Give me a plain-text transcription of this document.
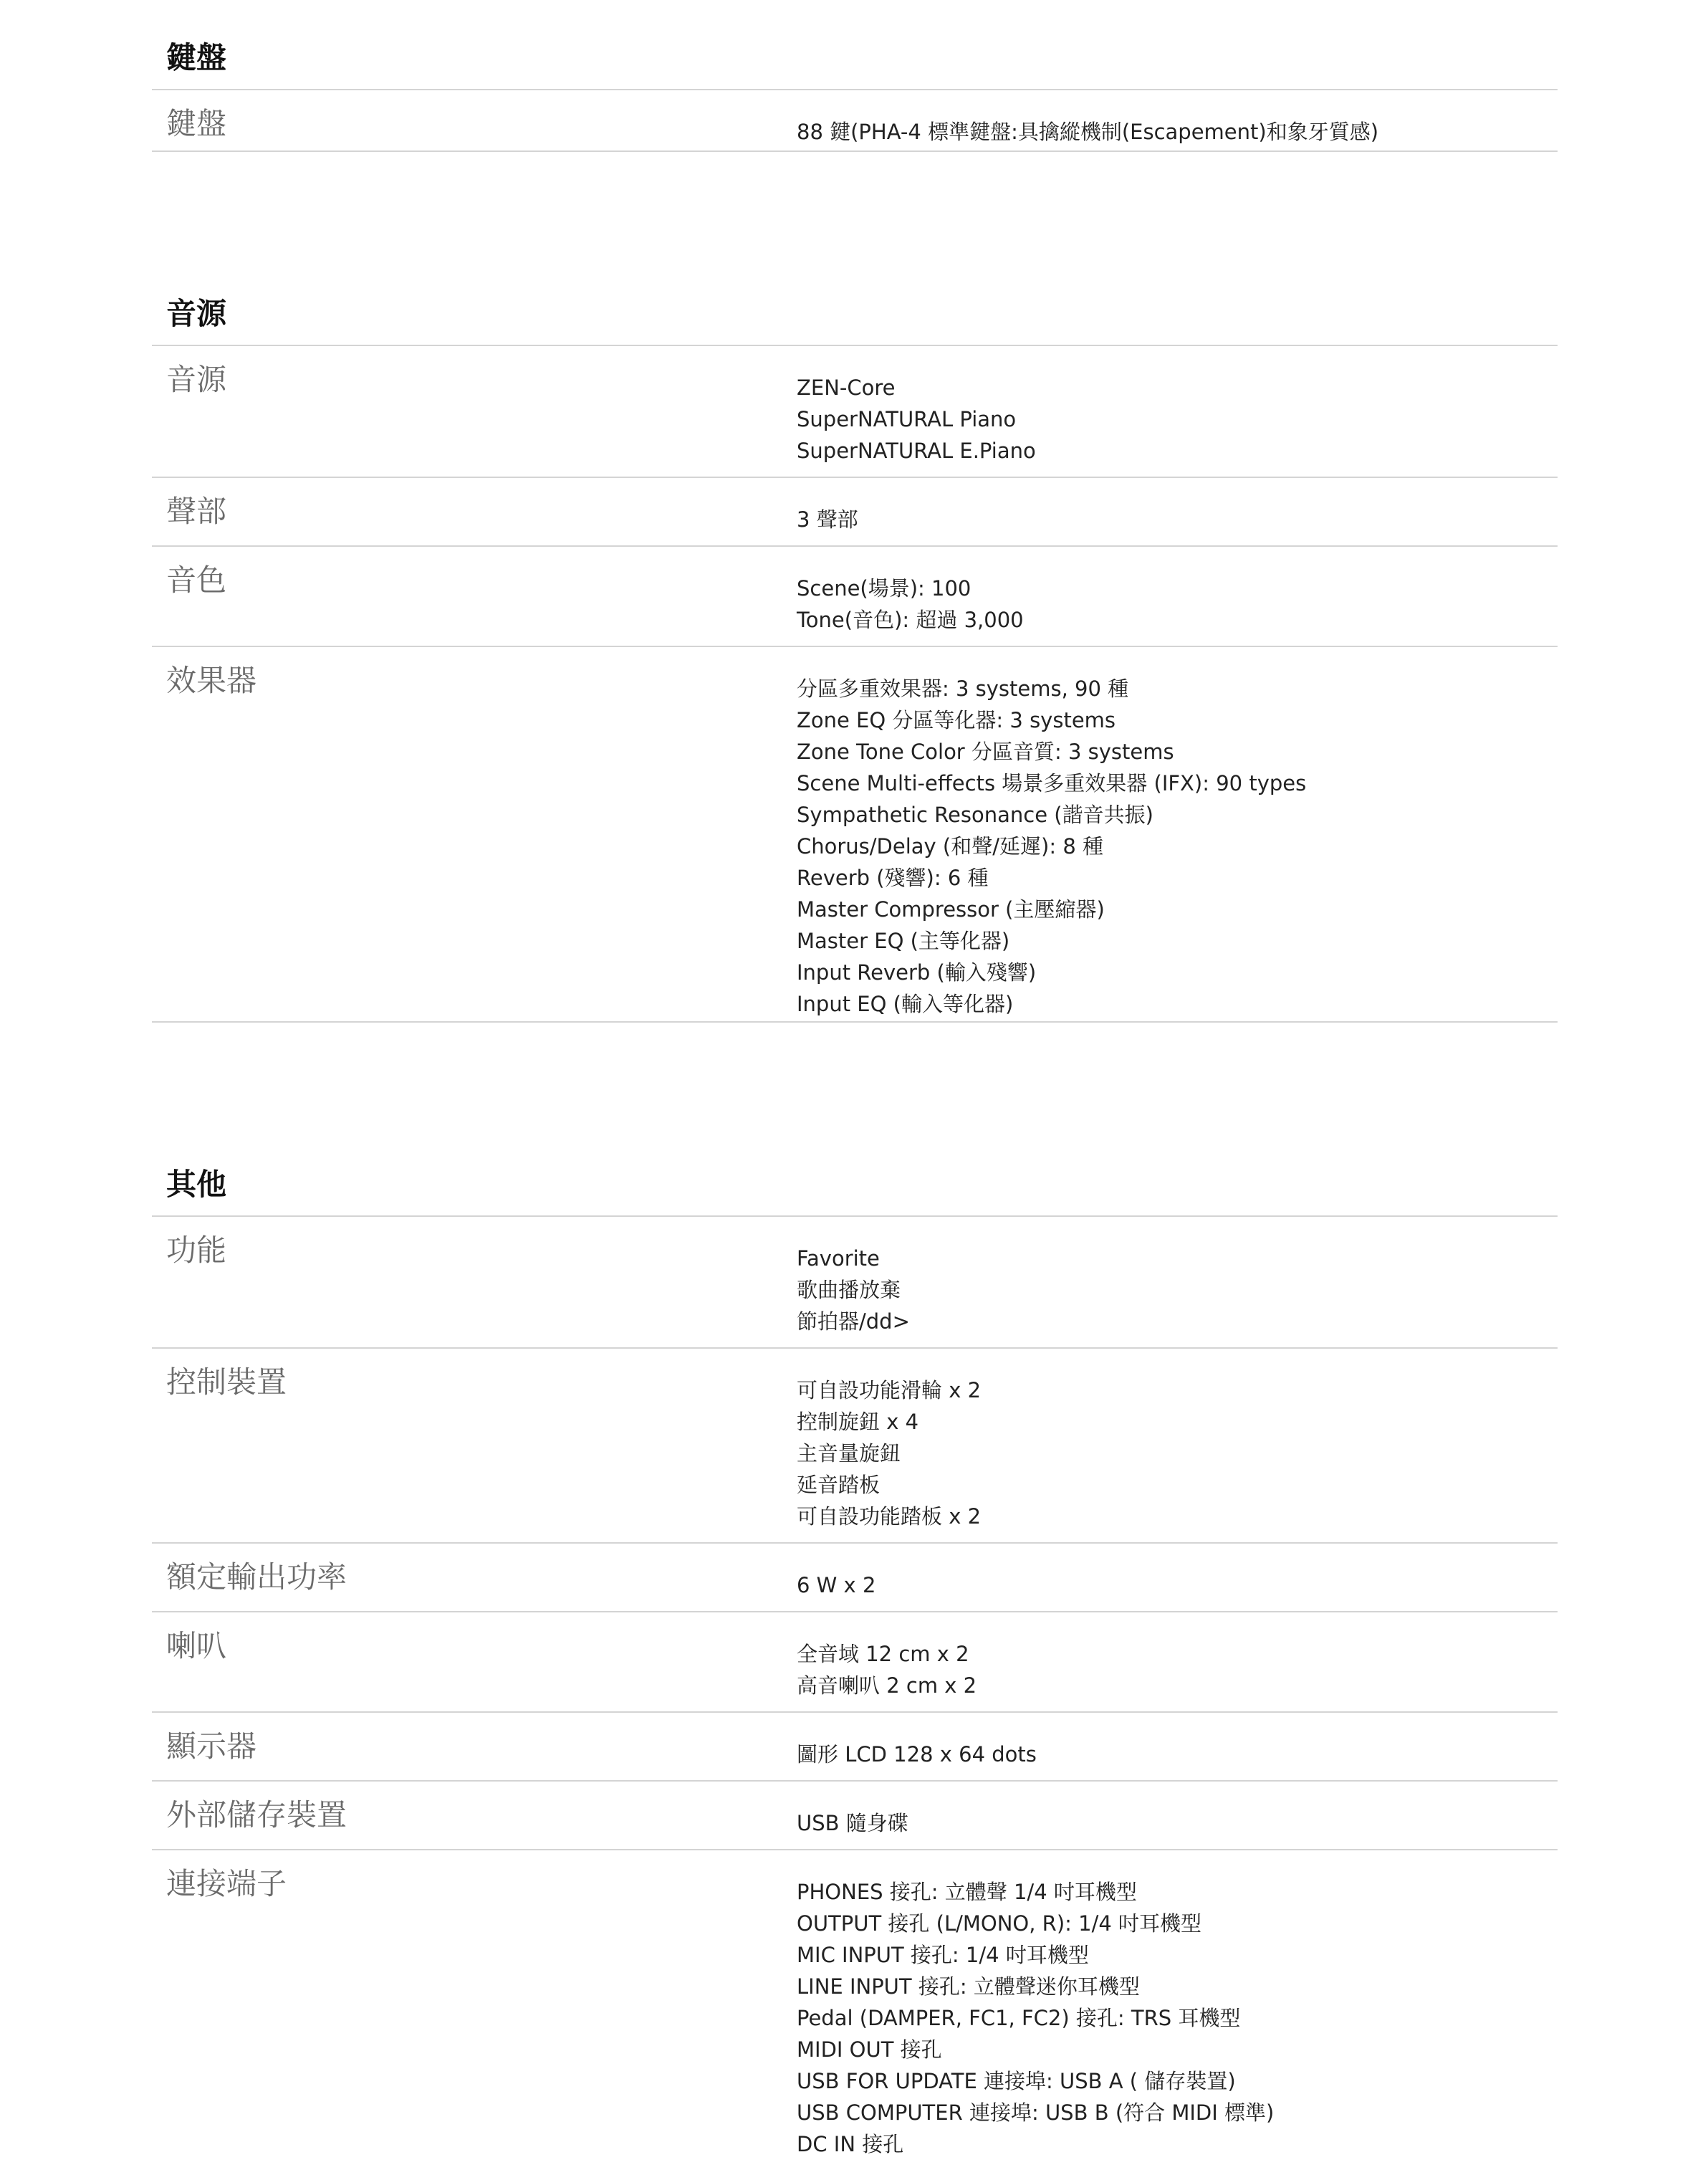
鍵盤
鍵盤	88 鍵(PHA-4 標準鍵盤:具擒縱機制(Escapement)和象牙質感)
音源
音源	ZEN-Core
SuperNATURAL Piano
SuperNATURAL E.Piano
聲部	3 聲部
音色	Scene(場景): 100
Tone(音色): 超過 3,000
效果器	分區多重效果器: 3 systems, 90 種
Zone EQ 分區等化器: 3 systems
Zone Tone Color 分區音質: 3 systems
Scene Multi-effects 場景多重效果器 (IFX): 90 types
Sympathetic Resonance (諧音共振)
Chorus/Delay (和聲/延遲): 8 種
Reverb (殘響): 6 種
Master Compressor (主壓縮器)
Master EQ (主等化器)
Input Reverb (輸入殘響)
Input EQ (輸入等化器)
其他
功能	Favorite
歌曲播放棄
節拍器/dd>
控制裝置	可自設功能滑輪 x 2
控制旋鈕 x 4
主音量旋鈕
延音踏板
可自設功能踏板 x 2
額定輸出功率	6 W x 2
喇叭	全音域 12 cm x 2
高音喇叭 2 cm x 2
顯示器	圖形 LCD 128 x 64 dots
外部儲存裝置	USB 隨身碟
連接端子	PHONES 接孔: 立體聲 1/4 吋耳機型
OUTPUT 接孔 (L/MONO, R): 1/4 吋耳機型
MIC INPUT 接孔: 1/4 吋耳機型
LINE INPUT 接孔: 立體聲迷你耳機型
Pedal (DAMPER, FC1, FC2) 接孔: TRS 耳機型
MIDI OUT 接孔
USB FOR UPDATE 連接埠: USB A ( 儲存裝置)
USB COMPUTER 連接埠: USB B (符合 MIDI 標準)
DC IN 接孔
